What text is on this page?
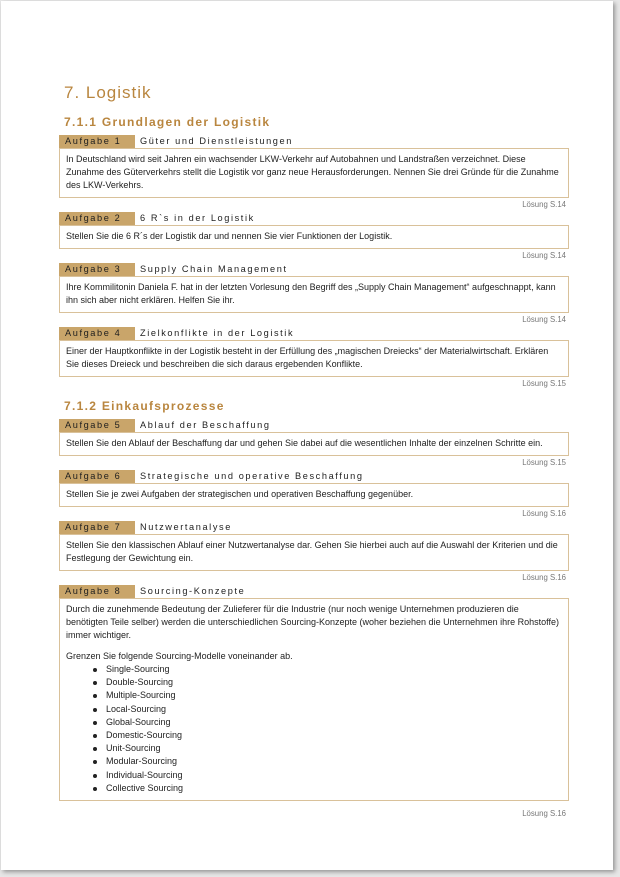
7. Logistik
7.1.1 Grundlagen der Logistik
Aufgabe 1	Güter und Dienstleistungen

In Deutschland wird seit Jahren ein wachsender LKW-Verkehr auf Autobahnen und Landstraßen verzeichnet. Diese Zunahme des Güterverkehrs stellt die Logistik vor ganz neue Herausforderungen. Nennen Sie drei Gründe für die Zunahme des LKW-Verkehrs.

Lösung S.14
Aufgabe 2	6 R`s in der Logistik

Stellen Sie die 6 R´s der Logistik dar und nennen Sie vier Funktionen der Logistik.

Lösung S.14
Aufgabe 3	Supply Chain Management

Ihre Kommilitonin Daniela F. hat in der letzten Vorlesung den Begriff des „Supply Chain Management“ aufgeschnappt, kann ihn sich aber nicht erklären. Helfen Sie ihr.

Lösung S.14
Aufgabe 4	Zielkonflikte in der Logistik

Einer der Hauptkonflikte in der Logistik besteht in der Erfüllung des „magischen Dreiecks“ der Materialwirtschaft. Erklären Sie dieses Dreieck und beschreiben die sich daraus ergebenden Konflikte.

Lösung S.15
7.1.2 Einkaufsprozesse
Aufgabe 5	Ablauf der Beschaffung

Stellen Sie den Ablauf der Beschaffung dar und gehen Sie dabei auf die wesentlichen Inhalte der einzelnen Schritte ein.

Lösung S.15
Aufgabe 6	Strategische und operative Beschaffung

Stellen Sie je zwei Aufgaben der strategischen und operativen Beschaffung gegenüber.

Lösung S.16
Aufgabe 7	Nutzwertanalyse

Stellen Sie den klassischen Ablauf einer Nutzwertanalyse dar. Gehen Sie hierbei auch auf die Auswahl der Kriterien und die Festlegung der Gewichtung ein.

Lösung S.16
Aufgabe 8	Sourcing-Konzepte

Durch die zunehmende Bedeutung der Zulieferer für die Industrie (nur noch wenige Unternehmen produzieren die benötigten Teile selber) werden die unterschiedlichen Sourcing-Konzepte (woher beziehen die Unternehmen ihre Rohstoffe) immer wichtiger.

Grenzen Sie folgende Sourcing-Modelle voneinander ab.

Single-Sourcing
Double-Sourcing
Multiple-Sourcing
Local-Sourcing
Global-Sourcing
Domestic-Sourcing
Unit-Sourcing
Modular-Sourcing
Individual-Sourcing
Collective Sourcing
Lösung S.16
